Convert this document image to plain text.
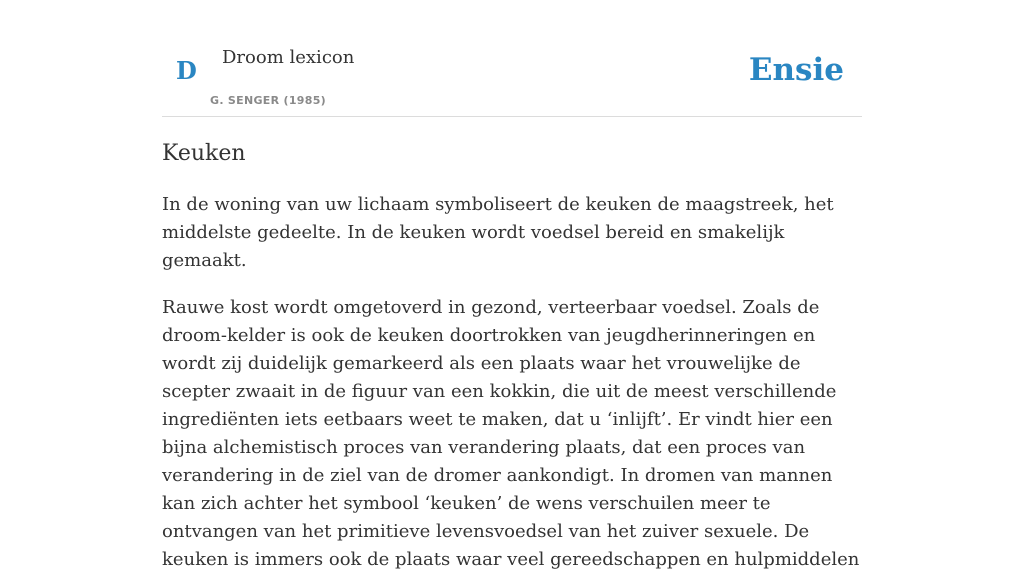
D Droom lexicon
G. SENGER (1985)
Ensie
Keuken

In de woning van uw lichaam symboliseert de keuken de maagstreek, het middelste gedeelte. In de keuken wordt voedsel bereid en smakelijk gemaakt.

Rauwe kost wordt omgetoverd in gezond, verteerbaar voedsel. Zoals de droom-kelder is ook de keuken doortrokken van jeugdherinneringen en wordt zij duidelijk gemarkeerd als een plaats waar het vrouwelijke de scepter zwaait in de figuur van een kokkin, die uit de meest verschillende ingrediënten iets eetbaars weet te maken, dat u ‘inlijft’. Er vindt hier een bijna alchemistisch proces van verandering plaats, dat een proces van verandering in de ziel van de dromer aankondigt. In dromen van mannen kan zich achter het symbool ‘keuken’ de wens verschuilen meer te ontvangen van het primitieve levensvoedsel van het zuiver sexuele. De keuken is immers ook de plaats waar veel gereedschappen en hulpmiddelen
